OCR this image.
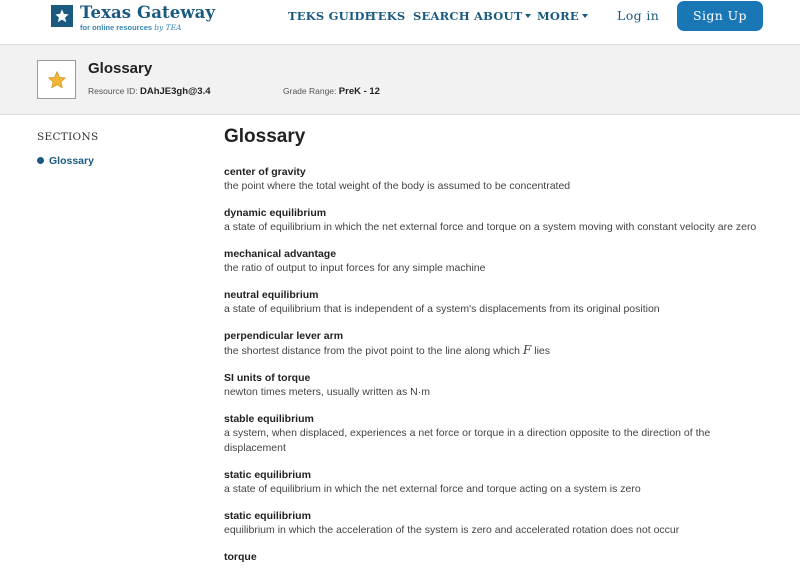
Texas Gateway
for online resources by TEA
TEKS GUIDE
TEKS SEARCH ABOUT	MORE	Log in	Sign Up
Glossary
Resource ID: DAhJE3gh@3.4	Grade Range: PreK - 12
SECTIONS
Glossary
Glossary
center of gravity
the point where the total weight of the body is assumed to be concentrated
dynamic equilibrium
a state of equilibrium in which the net external force and torque on a system moving with constant velocity are zero
mechanical advantage
the ratio of output to input forces for any simple machine
neutral equilibrium
a state of equilibrium that is independent of a system's displacements from its original position
perpendicular lever arm
the shortest distance from the pivot point to the line along which F lies
SI units of torque
newton times meters, usually written as N·m
stable equilibrium
a system, when displaced, experiences a net force or torque in a direction opposite to the direction of the displacement
static equilibrium
a state of equilibrium in which the net external force and torque acting on a system is zero
static equilibrium
equilibrium in which the acceleration of the system is zero and accelerated rotation does not occur
torque
